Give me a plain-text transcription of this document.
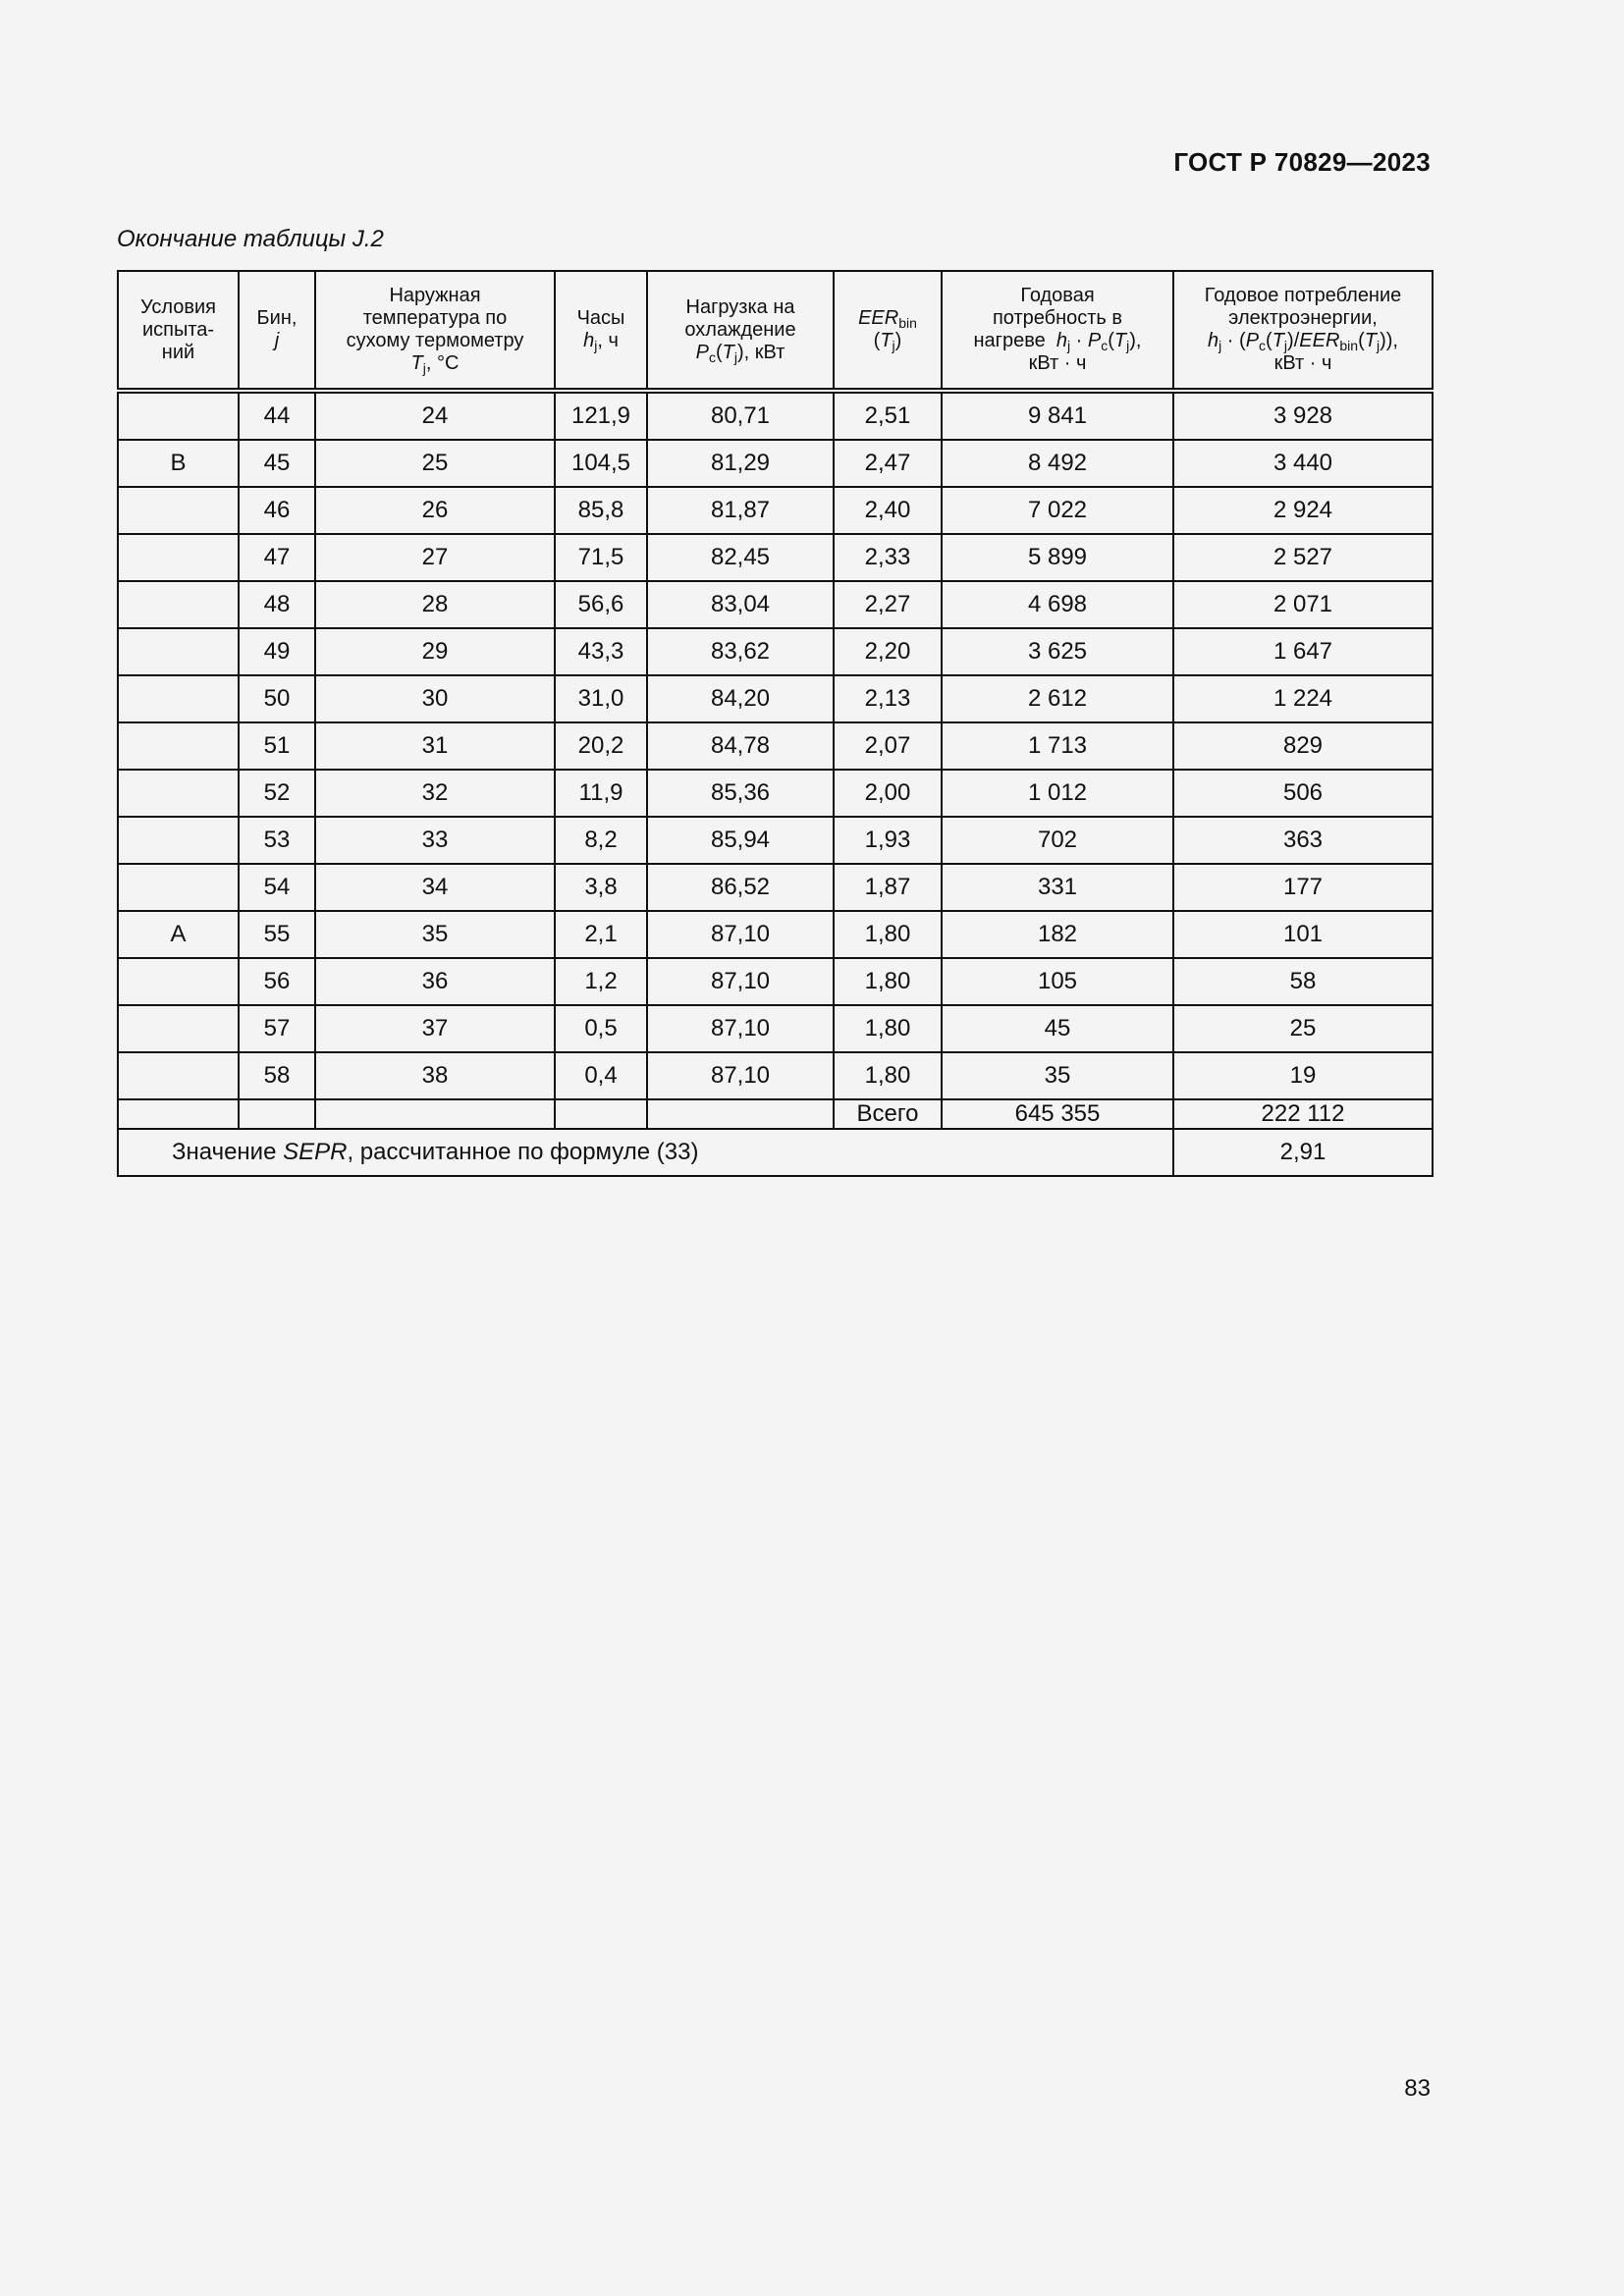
ГОСТ Р 70829—2023
Окончание таблицы J.2
Условия
испыта-
ний	Бин,
j	Наружная
температура по
сухому термометру
$T_j$, °С	Часы
$h_j$, ч	Нагрузка на
охлаждение
$P_c(T_j)$, кВт	$EER_{bin}$
$(T_j)$	Годовая
потребность в
нагреве $h_j \cdot P_c(T_j)$,
кВт · ч	Годовое потребление
электроэнергии,
$h_j \cdot (P_c(T_j)/EER_{bin}(T_j))$,
кВт · ч
	44	24	121,9	80,71	2,51	9 841	3 928
В	45	25	104,5	81,29	2,47	8 492	3 440
	46	26	85,8	81,87	2,40	7 022	2 924
	47	27	71,5	82,45	2,33	5 899	2 527
	48	28	56,6	83,04	2,27	4 698	2 071
	49	29	43,3	83,62	2,20	3 625	1 647
	50	30	31,0	84,20	2,13	2 612	1 224
	51	31	20,2	84,78	2,07	1 713	829
	52	32	11,9	85,36	2,00	1 012	506
	53	33	8,2	85,94	1,93	702	363
	54	34	3,8	86,52	1,87	331	177
А	55	35	2,1	87,10	1,80	182	101
	56	36	1,2	87,10	1,80	105	58
	57	37	0,5	87,10	1,80	45	25
	58	38	0,4	87,10	1,80	35	19
					Всего	645 355	222 112
Значение SEPR, рассчитанное по формуле (33)							2,91
83
